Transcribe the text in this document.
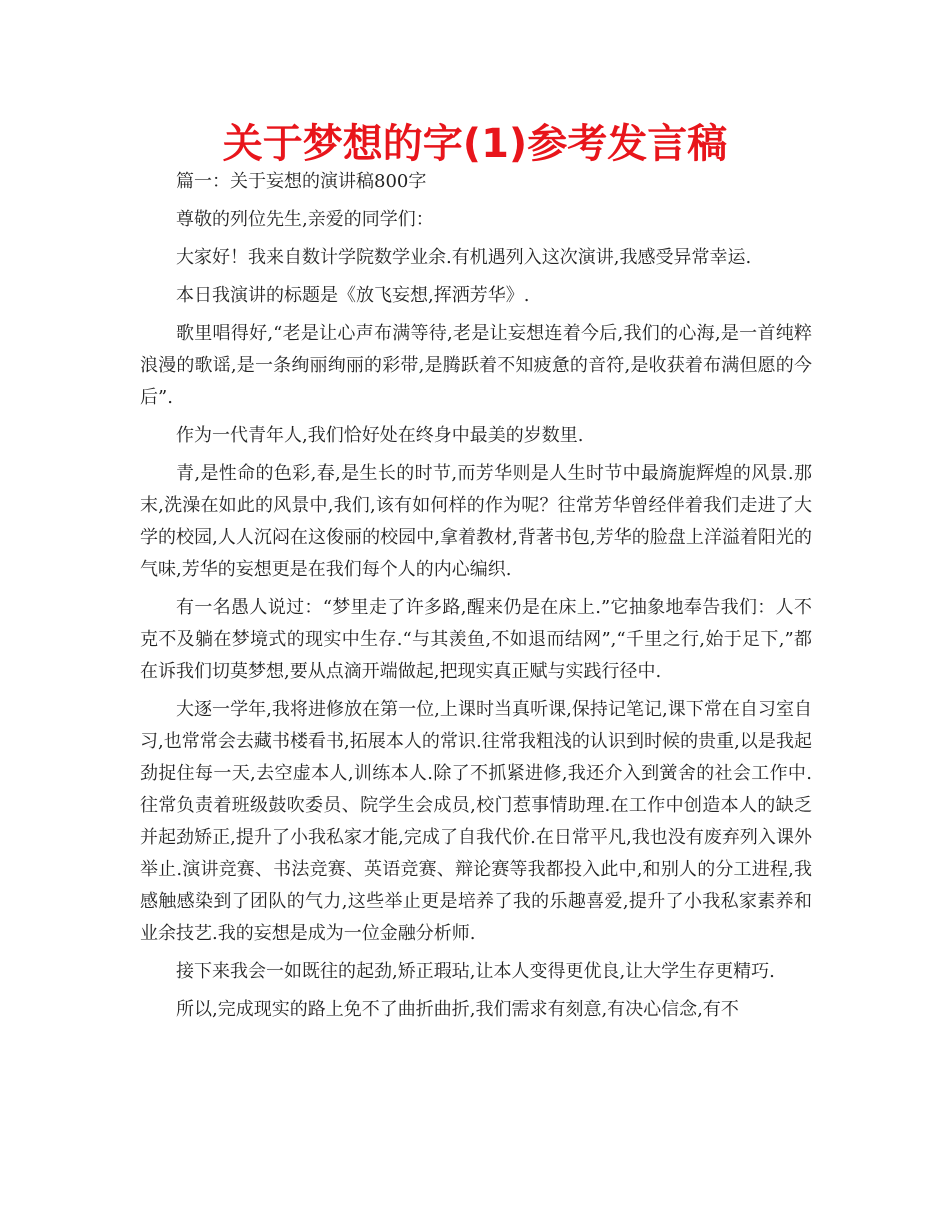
关于梦想的字(1)参考发言稿

篇一：关于妄想的演讲稿800字

尊敬的列位先生,亲爱的同学们：

大家好！我来自数计学院数学业余.有机遇列入这次演讲,我感受异常幸运.

本日我演讲的标题是《放飞妄想,挥洒芳华》.

歌里唱得好,“老是让心声布满等待,老是让妄想连着今后,我们的心海,是一首纯粹浪漫的歌谣,是一条绚丽绚丽的彩带,是腾跃着不知疲惫的音符,是收获着布满但愿的今后”.

作为一代青年人,我们恰好处在终身中最美的岁数里.

青,是性命的色彩,春,是生长的时节,而芳华则是人生时节中最旖旎辉煌的风景.那末,洗澡在如此的风景中,我们,该有如何样的作为呢？往常芳华曾经伴着我们走进了大学的校园,人人沉闷在这俊丽的校园中,拿着教材,背著书包,芳华的脸盘上洋溢着阳光的气味,芳华的妄想更是在我们每个人的内心编织.

有一名愚人说过：“梦里走了许多路,醒来仍是在床上.”它抽象地奉告我们：人不克不及躺在梦境式的现实中生存.“与其羡鱼,不如退而结网”,“千里之行,始于足下,”都在诉我们切莫梦想,要从点滴开端做起,把现实真正赋与实践行径中.

大逐一学年,我将进修放在第一位,上课时当真听课,保持记笔记,课下常在自习室自习,也常常会去藏书楼看书,拓展本人的常识.往常我粗浅的认识到时候的贵重,以是我起劲捉住每一天,去空虚本人,训练本人.除了不抓紧进修,我还介入到黉舍的社会工作中.往常负责着班级鼓吹委员、院学生会成员,校门惹事情助理.在工作中创造本人的缺乏并起劲矫正,提升了小我私家才能,完成了自我代价.在日常平凡,我也没有废弃列入课外举止.演讲竞赛、书法竞赛、英语竞赛、辩论赛等我都投入此中,和别人的分工进程,我感触感染到了团队的气力,这些举止更是培养了我的乐趣喜爱,提升了小我私家素养和业余技艺.我的妄想是成为一位金融分析师.

接下来我会一如既往的起劲,矫正瑕玷,让本人变得更优良,让大学生存更精巧.

所以,完成现实的路上免不了曲折曲折,我们需求有刻意,有决心信念,有不
